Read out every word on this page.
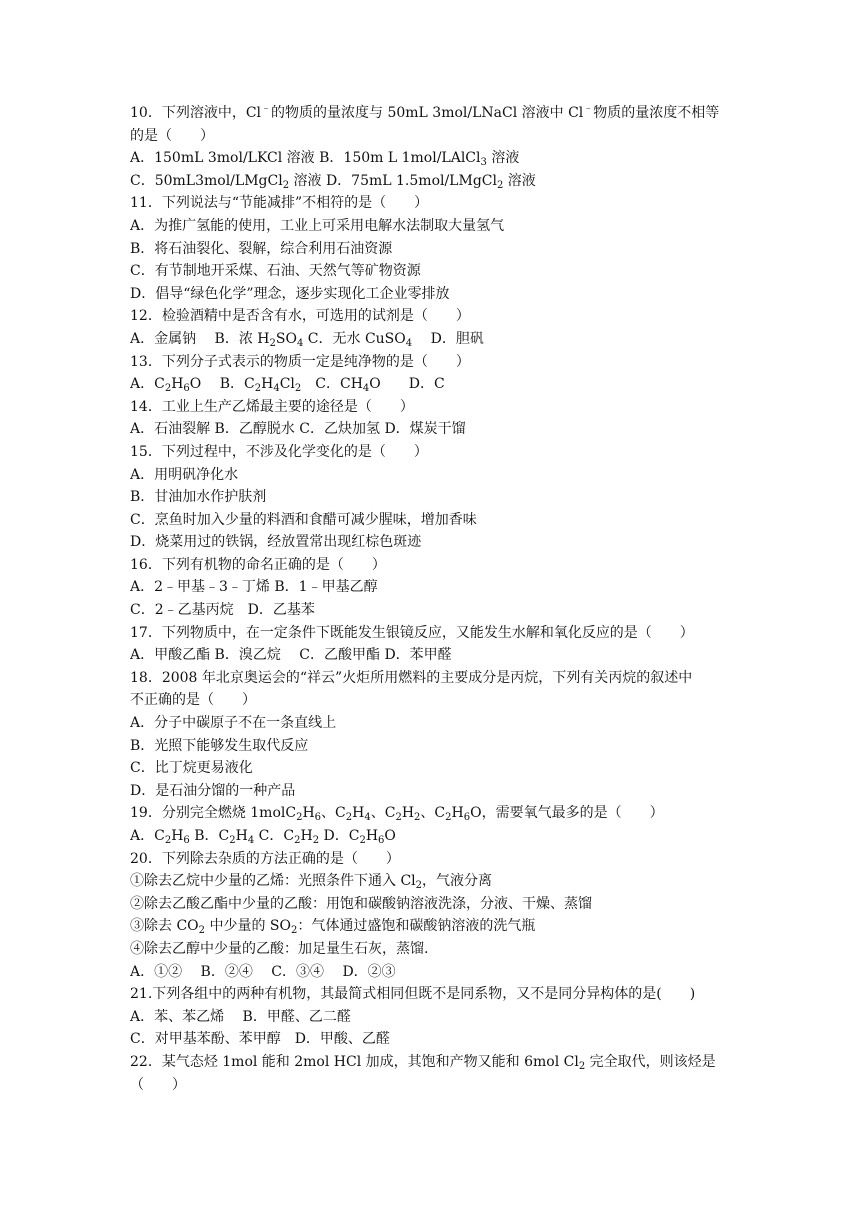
10．下列溶液中，Cl﹣的物质的量浓度与 50mL 3mol/LNaCl 溶液中 Cl﹣物质的量浓度不相等
的是（　　）
A．150mL 3mol/LKCl 溶液 B．150m L 1mol/LAlCl$_3$ 溶液
C．50mL3mol/LMgCl$_2$ 溶液 D．75mL 1.5mol/LMgCl$_2$ 溶液
11．下列说法与“节能减排”不相符的是（　　）
A．为推广氢能的使用，工业上可采用电解水法制取大量氢气
B．将石油裂化、裂解，综合利用石油资源
C．有节制地开采煤、石油、天然气等矿物资源
D．倡导“绿色化学”理念，逐步实现化工企业零排放
12．检验酒精中是否含有水，可选用的试剂是（　　）
A．金属钠　 B．浓 $H_2SO_4$ C．无水 CuSO$_4$　 D．胆矾
13．下列分子式表示的物质一定是纯净物的是（　　）
A．$C_2H_6O$　 B．$C_2H_4Cl_2$　C．$CH_4O$　　D．C
14．工业上生产乙烯最主要的途径是（　　）
A．石油裂解 B．乙醇脱水 C．乙炔加氢 D．煤炭干馏
15．下列过程中，不涉及化学变化的是（　　）
A．用明矾净化水
B．甘油加水作护肤剂
C．烹鱼时加入少量的料酒和食醋可减少腥味，增加香味
D．烧菜用过的铁锅，经放置常出现红棕色斑迹
16．下列有机物的命名正确的是（　　）
A．2﹣甲基﹣3﹣丁烯 B．1﹣甲基乙醇
C．2﹣乙基丙烷　D．乙基苯
17．下列物质中，在一定条件下既能发生银镜反应，又能发生水解和氧化反应的是（　　）
A．甲酸乙酯 B．溴乙烷　 C．乙酸甲酯 D．苯甲醛
18．2008 年北京奥运会的“祥云”火炬所用燃料的主要成分是丙烷，下列有关丙烷的叙述中
不正确的是（　　）
A．分子中碳原子不在一条直线上
B．光照下能够发生取代反应
C．比丁烷更易液化
D．是石油分馏的一种产品
19．分别完全燃烧 $1molC_2H_6$、$C_2H_4$、$C_2H_2$、$C_2H_6O$，需要氧气最多的是（　　）
A．$C_2H_6$ B．$C_2H_4$ C．$C_2H_2$ D．$C_2H_6O$
20．下列除去杂质的方法正确的是（　　）
①除去乙烷中少量的乙烯：光照条件下通入 $Cl_2$，气液分离
②除去乙酸乙酯中少量的乙酸：用饱和碳酸钠溶液洗涤，分液、干燥、蒸馏
③除去 $CO_2$ 中少量的 $SO_2$：气体通过盛饱和碳酸钠溶液的洗气瓶
④除去乙醇中少量的乙酸：加足量生石灰，蒸馏.
A．①②　 B．②④　 C．③④　 D．②③
21.下列各组中的两种有机物，其最简式相同但既不是同系物，又不是同分异构体的是(　　)
A．苯、苯乙烯　 B．甲醛、乙二醛
C．对甲基苯酚、苯甲醇　D．甲酸、乙醛
22．某气态烃 1mol 能和 2mol HCl 加成，其饱和产物又能和 6mol $Cl_2$ 完全取代，则该烃是
（　　）
